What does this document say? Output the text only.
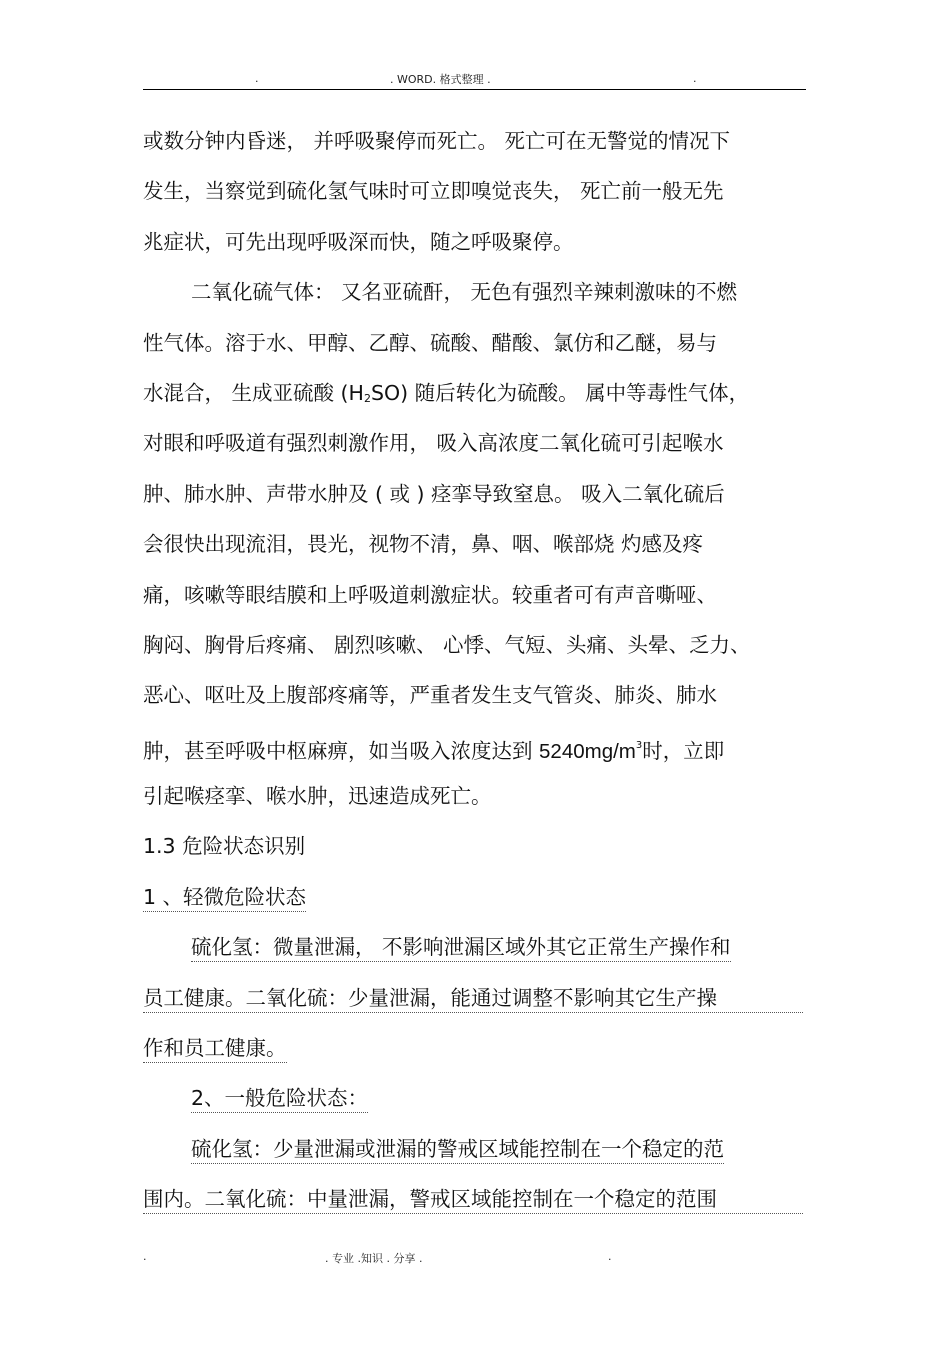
.	. WORD. 格式整理 .	.
或数分钟内昏迷， 并呼吸聚停而死亡。 死亡可在无警觉的情况下
发生，当察觉到硫化氢气味时可立即嗅觉丧失， 死亡前一般无先
兆症状，可先出现呼吸深而快，随之呼吸聚停。
二氧化硫气体： 又名亚硫酐， 无色有强烈辛辣刺激味的不燃
性气体。溶于水、甲醇、乙醇、硫酸、醋酸、氯仿和乙醚，易与
水混合， 生成亚硫酸 (H2SO) 随后转化为硫酸。 属中等毒性气体，
对眼和呼吸道有强烈刺激作用， 吸入高浓度二氧化硫可引起喉水
肿、肺水肿、声带水肿及 ( 或 ) 痉挛导致窒息。 吸入二氧化硫后
会很快出现流泪，畏光，视物不清，鼻、咽、喉部烧 灼感及疼
痛，咳嗽等眼结膜和上呼吸道刺激症状。较重者可有声音嘶哑、
胸闷、胸骨后疼痛、 剧烈咳嗽、 心悸、气短、头痛、头晕、乏力、
恶心、呕吐及上腹部疼痛等，严重者发生支气管炎、肺炎、肺水
肿，甚至呼吸中枢麻痹，如当吸入浓度达到 $5240mg/m^3$时，立即
引起喉痉挛、喉水肿，迅速造成死亡。
1.3 危险状态识别
1 、轻微危险状态
硫化氢：微量泄漏， 不影响泄漏区域外其它正常生产操作和
员工健康。二氧化硫：少量泄漏，能通过调整不影响其它生产操
作和员工健康。
2、一般危险状态：
硫化氢：少量泄漏或泄漏的警戒区域能控制在一个稳定的范
围内。二氧化硫：中量泄漏，警戒区域能控制在一个稳定的范围
.	. 专业 .知识 . 分享 .	.
